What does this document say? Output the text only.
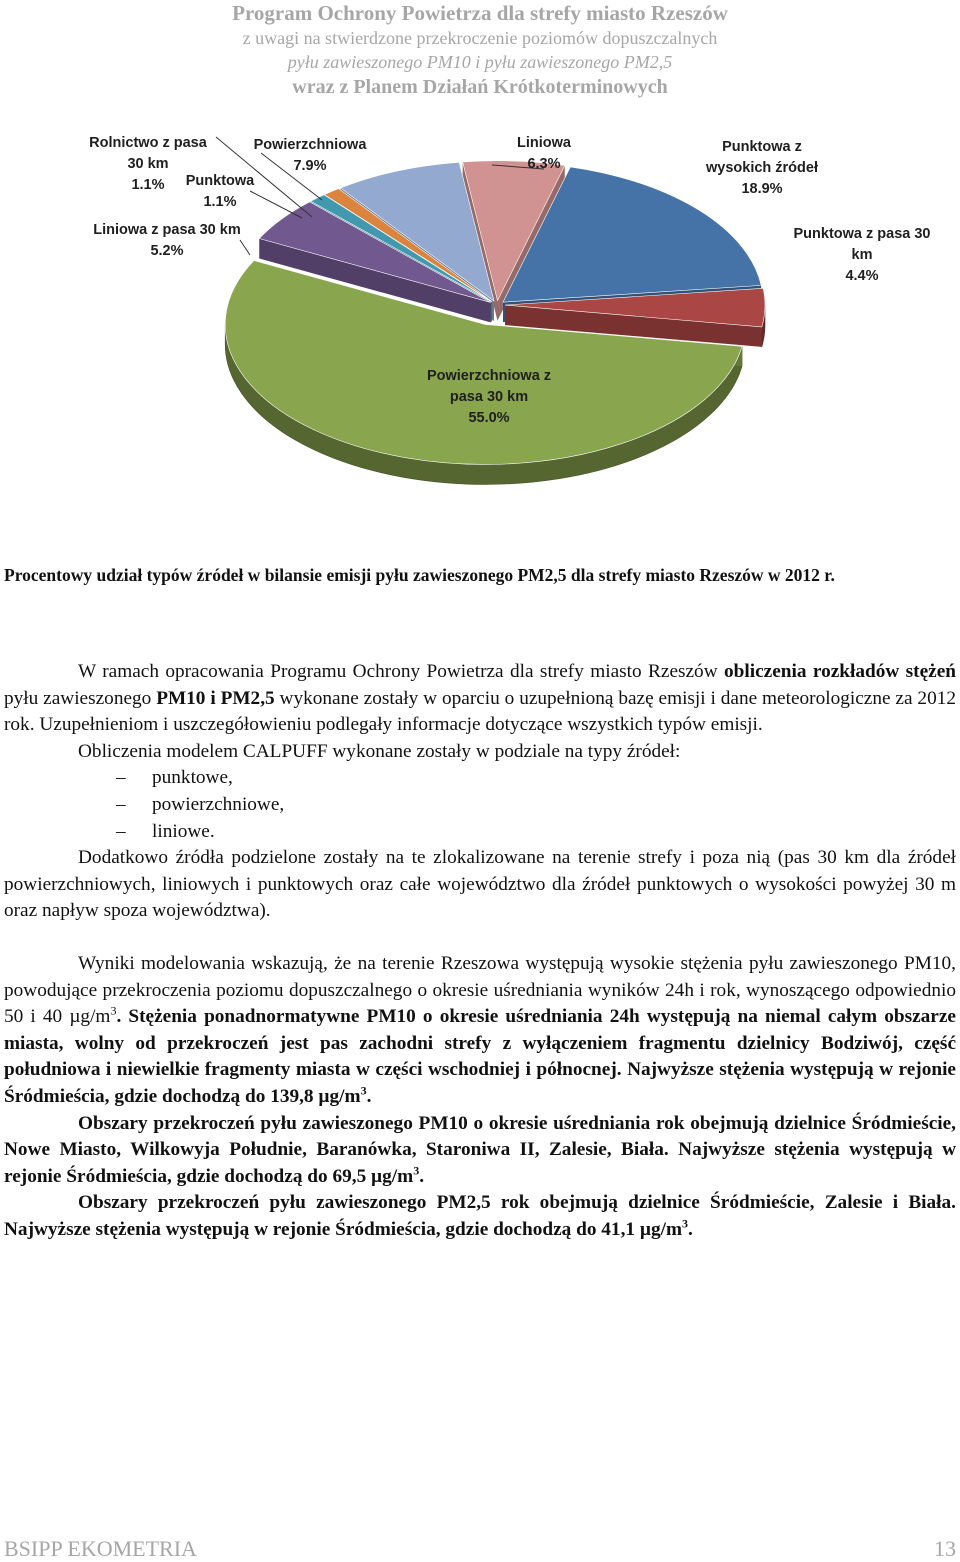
Program Ochrony Powietrza dla strefy miasto Rzeszów
z uwagi na stwierdzone przekroczenie poziomów dopuszczalnych
pyłu zawieszonego PM10 i pyłu zawieszonego PM2,5
wraz z Planem Działań Krótkoterminowych
Punktowa z wysokich źródeł 18.9%
Punktowa z pasa 30 km 4.4%
Powierzchniowa z pasa 30 km 55.0%
Liniowa z pasa 30 km 5.2%
Punktowa 1.1%
Rolnictwo z pasa 30 km 1.1%
Powierzchniowa 7.9%
Liniowa 6.3%
Procentowy udział typów źródeł w bilansie emisji pyłu zawieszonego PM2,5 dla strefy miasto Rzeszów w 2012 r.

W ramach opracowania Programu Ochrony Powietrza dla strefy miasto Rzeszów obliczenia rozkładów stężeń pyłu zawieszonego PM10 i PM2,5 wykonane zostały w oparciu o uzupełnioną bazę emisji i dane meteorologiczne za 2012 rok. Uzupełnieniom i uszczegółowieniu podlegały informacje dotyczące wszystkich typów emisji.

Obliczenia modelem CALPUFF wykonane zostały w podziale na typy źródeł:

– punktowe,
– powierzchniowe,
– liniowe.

Dodatkowo źródła podzielone zostały na te zlokalizowane na terenie strefy i poza nią (pas 30 km dla źródeł powierzchniowych, liniowych i punktowych oraz całe województwo dla źródeł punktowych o wysokości powyżej 30 m oraz napływ spoza województwa).

Wyniki modelowania wskazują, że na terenie Rzeszowa występują wysokie stężenia pyłu zawieszonego PM10, powodujące przekroczenia poziomu dopuszczalnego o okresie uśredniania wyników 24h i rok, wynoszącego odpowiednio 50 i 40 $\mu g/m^3$. Stężenia ponadnormatywne PM10 o okresie uśredniania 24h występują na niemal całym obszarze miasta, wolny od przekroczeń jest pas zachodni strefy z wyłączeniem fragmentu dzielnicy Bodziwój, część południowa i niewielkie fragmenty miasta w części wschodniej i północnej. Najwyższe stężenia występują w rejonie Śródmieścia, gdzie dochodzą do 139,8 $\mu g/m^3$.

Obszary przekroczeń pyłu zawieszonego PM10 o okresie uśredniania rok obejmują dzielnice Śródmieście, Nowe Miasto, Wilkowyja Południe, Baranówka, Staroniwa II, Zalesie, Biała. Najwyższe stężenia występują w rejonie Śródmieścia, gdzie dochodzą do 69,5 $\mu g/m^3$.

Obszary przekroczeń pyłu zawieszonego PM2,5 rok obejmują dzielnice Śródmieście, Zalesie i Biała. Najwyższe stężenia występują w rejonie Śródmieścia, gdzie dochodzą do 41,1 $\mu g/m^3$.

BSIPP EKOMETRIA	13
